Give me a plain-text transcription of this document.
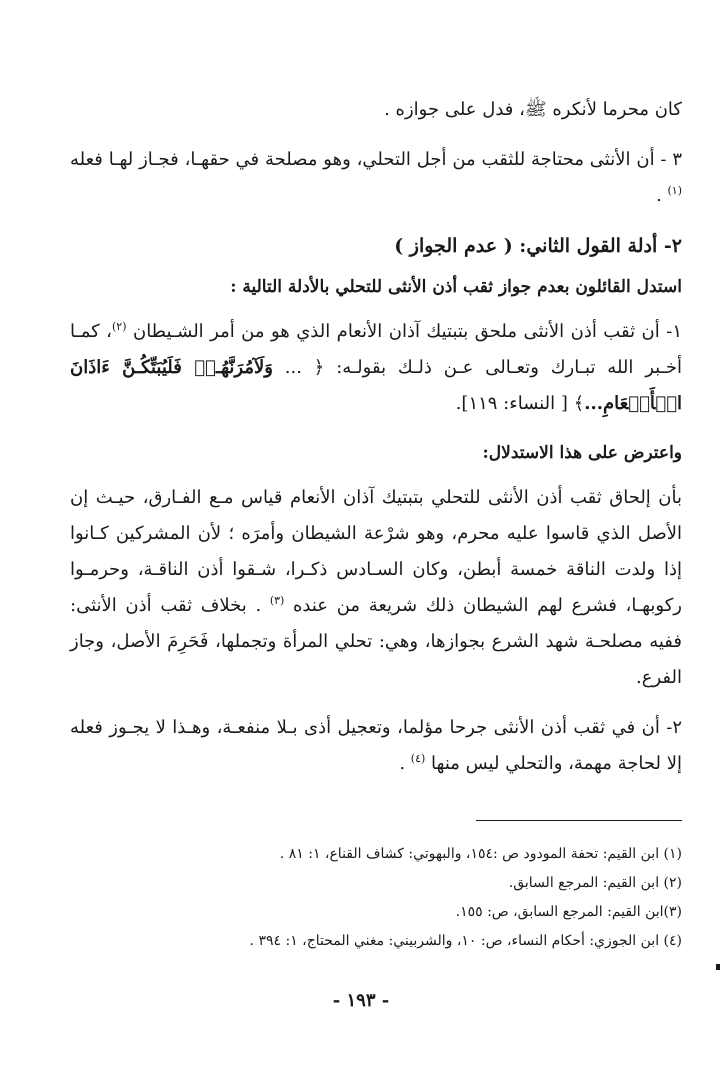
كان محرما لأنكره ﷺ، فدل على جوازه .

٣ - أن الأنثى محتاجة للثقب من أجل التحلي، وهو مصلحة في حقهـا، فجـاز لهـا فعله $^{(١)}$ .

٢- أدلة القول الثاني: ( عدم الجواز )

استدل القائلون بعدم جواز ثقب أذن الأنثى للتحلي بالأدلة التالية :

١- أن ثقب أذن الأنثى ملحق بتبتيك آذان الأنعام الذي هو من أمر الشـيطان $^{(٢)}$، كمـا أخـبر الله تبـارك وتعـالى عـن ذلـك بقولـه: ﴿ ... وَلَآمُرَنَّهُـمۡ فَلَيُبَتِّكُـنَّ ءَاذَانَ الۡأَنۡعَامِ...﴾ [ النساء: ١١٩].

واعترض على هذا الاستدلال:

بأن إلحاق ثقب أذن الأنثى للتحلي بتبتيك آذان الأنعام قياس مـع الفـارق، حيـث إن الأصل الذي قاسوا عليه محرم، وهو شرْعة الشيطان وأمرَه ؛ لأن المشركين كـانوا إذا ولدت الناقة خمسة أبطن، وكان السـادس ذكـرا، شـقوا أذن الناقـة، وحرمـوا ركوبهـا، فشرع لهم الشيطان ذلك شريعة من عنده $^{(٣)}$ . بخلاف ثقب أذن الأنثى: ففيه مصلحـة شهد الشرع بجوازها، وهي: تحلي المرأة وتجملها، فَحَرِمَ الأصل، وجاز الفرع.

٢- أن في ثقب أذن الأنثى جرحا مؤلما، وتعجيل أذى بـلا منفعـة، وهـذا لا يجـوز فعله إلا لحاجة مهمة، والتحلي ليس منها $^{(٤)}$ .

(١) ابن القيم: تحفة المودود ص :١٥٤، والبهوتي: كشاف القناع، ١: ٨١ .

(٢) ابن القيم: المرجع السابق.

(٣)ابن القيم: المرجع السابق، ص: ١٥٥.

(٤) ابن الجوزي: أحكام النساء، ص: ١٠، والشربيني: مغني المحتاج، ١: ٣٩٤ .

- ١٩٣ -
